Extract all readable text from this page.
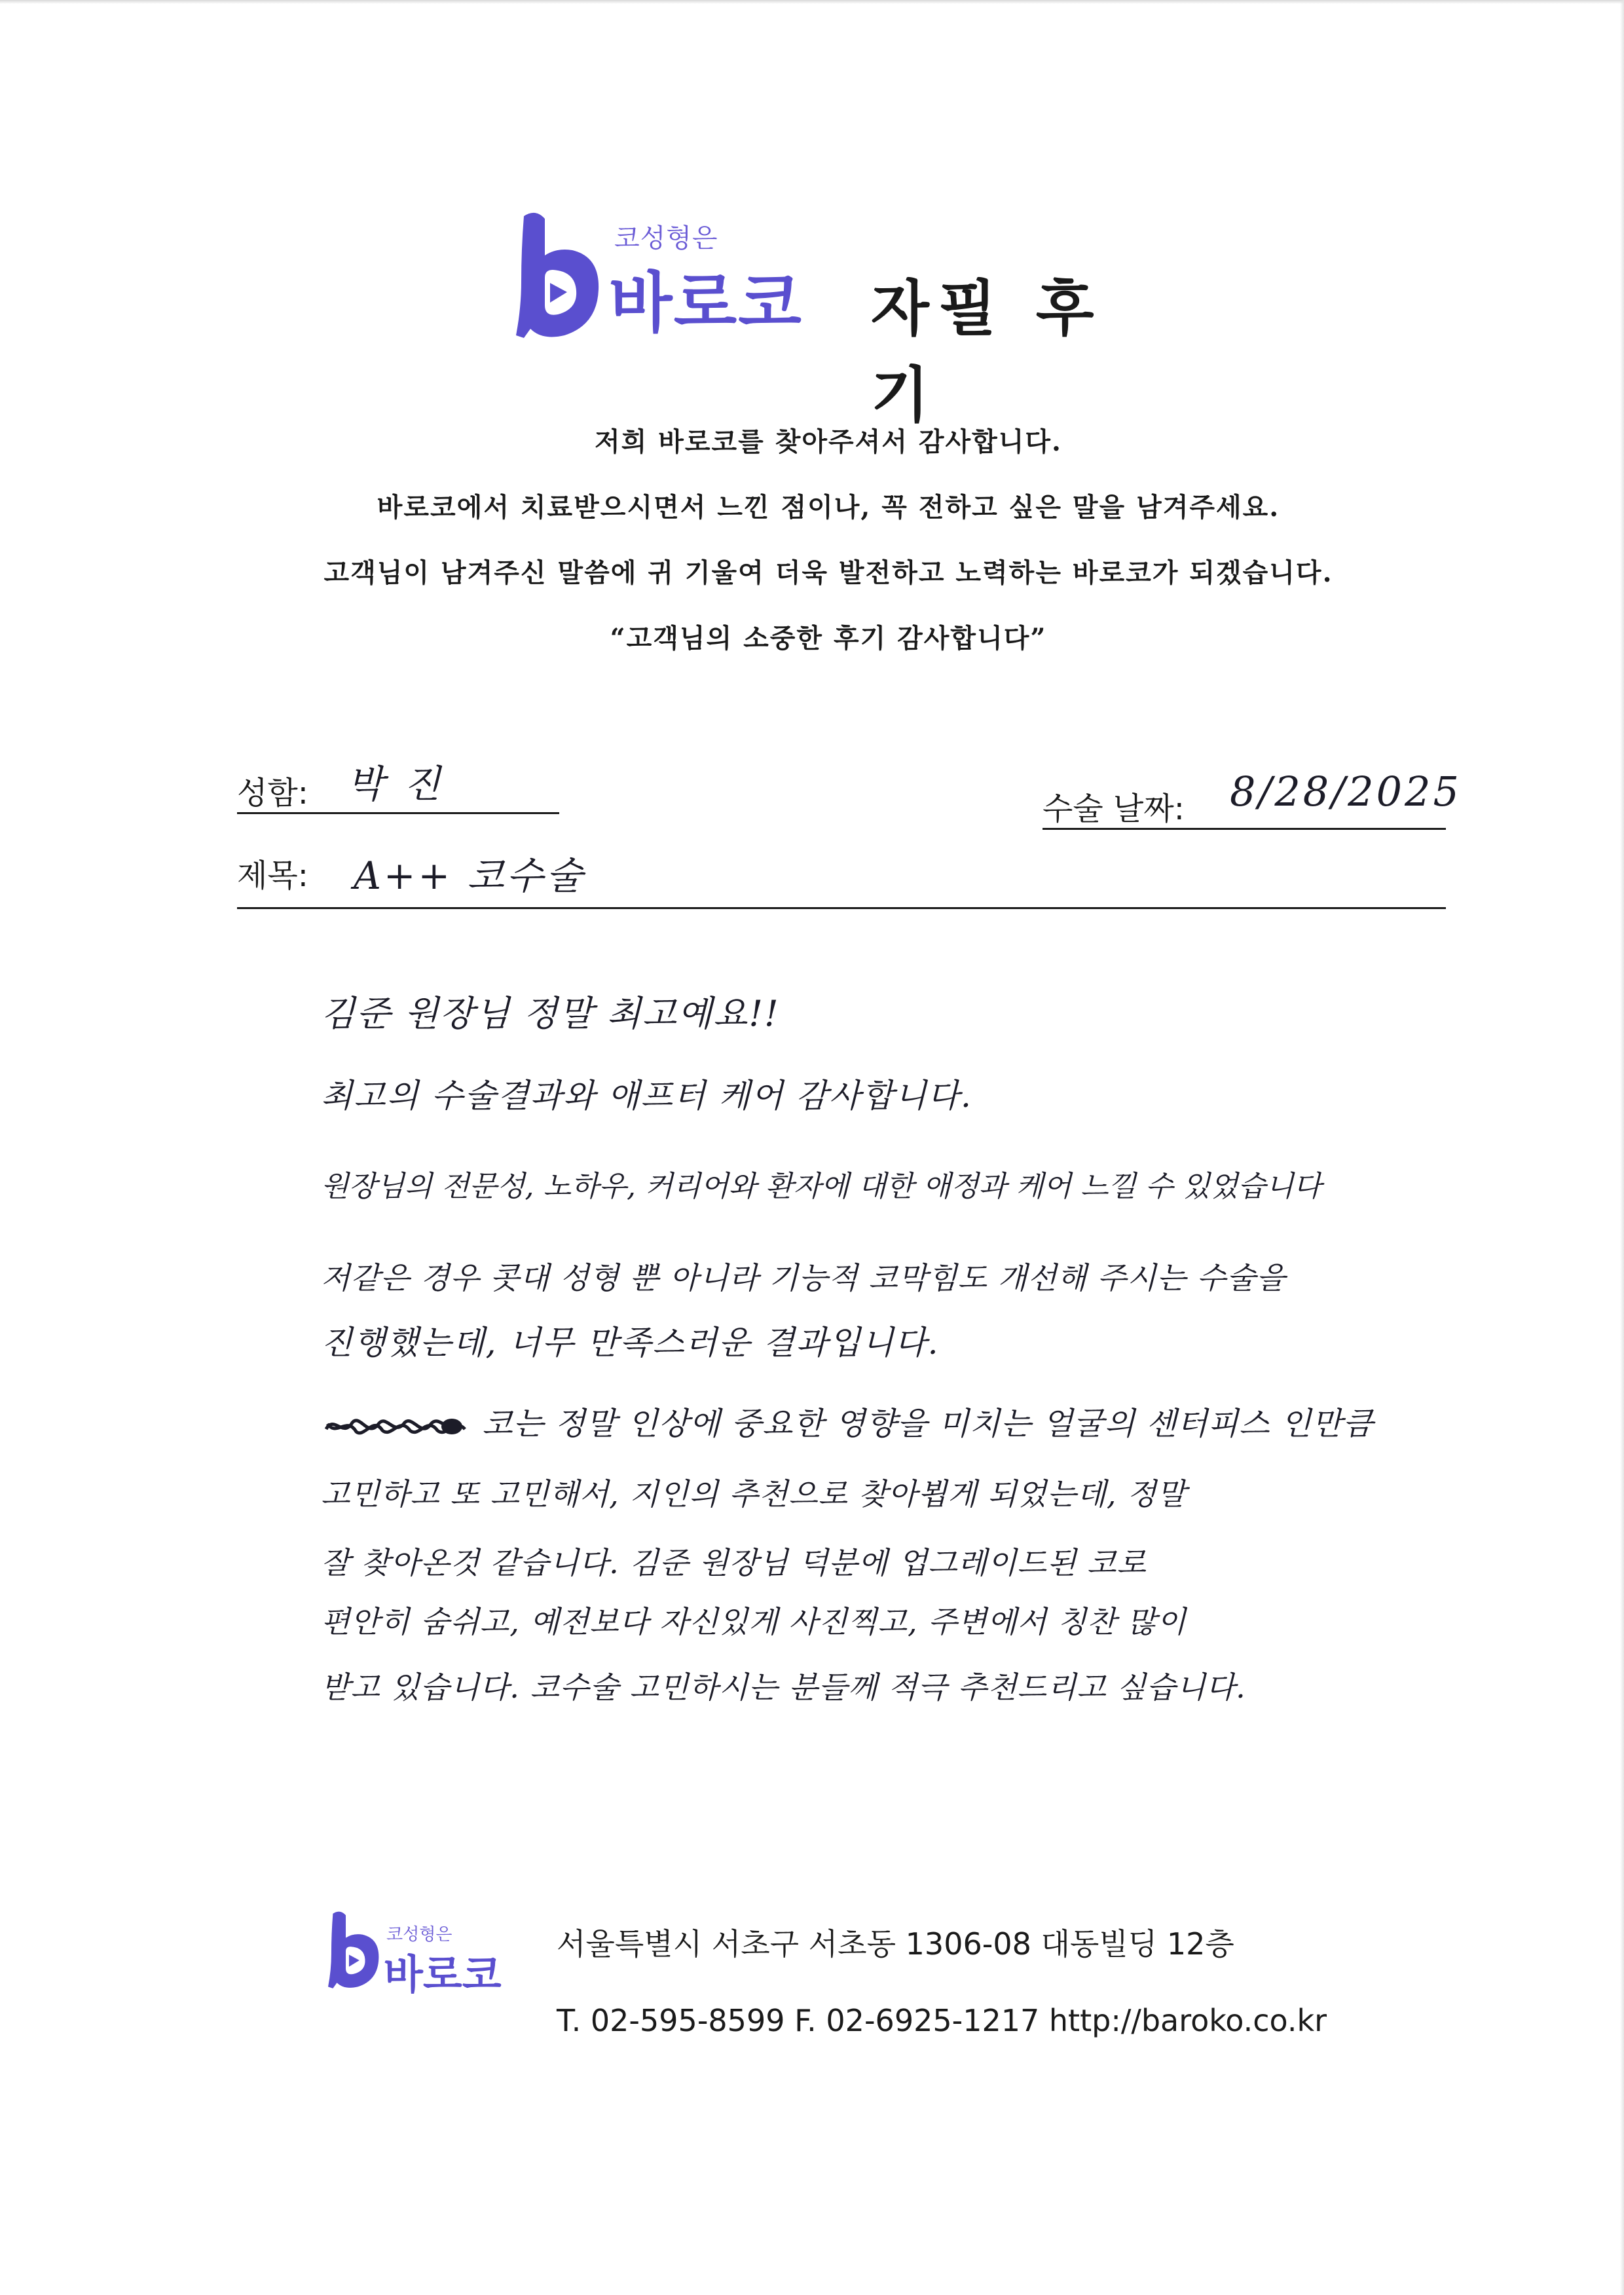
코성형은
바로코 자필 후기

저희 바로코를 찾아주셔서 감사합니다.

바로코에서 치료받으시면서 느낀 점이나, 꼭 전하고 싶은 말을 남겨주세요.

고객님이 남겨주신 말씀에 귀 기울여 더욱 발전하고 노력하는 바로코가 되겠습니다.

“고객님의 소중한 후기 감사합니다”

성함: 박 진
수술 날짜: 8/28/2025
제목: A++ 코수술
김준 원장님 정말 최고예요!!
최고의 수술결과와 애프터 케어 감사합니다.
원장님의 전문성, 노하우, 커리어와 환자에 대한 애정과 케어 느낄 수 있었습니다
저같은 경우 콧대 성형 뿐 아니라 기능적 코막힘도 개선해 주시는 수술을
진행했는데, 너무 만족스러운 결과입니다.
코는 정말 인상에 중요한 영향을 미치는 얼굴의 센터피스 인만큼
고민하고 또 고민해서, 지인의 추천으로 찾아뵙게 되었는데, 정말
잘 찾아온것 같습니다. 김준 원장님 덕분에 업그레이드된 코로
편안히 숨쉬고, 예전보다 자신있게 사진찍고, 주변에서 칭찬 많이
받고 있습니다. 코수술 고민하시는 분들께 적극 추천드리고 싶습니다.
코성형은
바로코
서울특별시 서초구 서초동 1306-08 대동빌딩 12층
T. 02-595-8599 F. 02-6925-1217 http://baroko.co.kr
